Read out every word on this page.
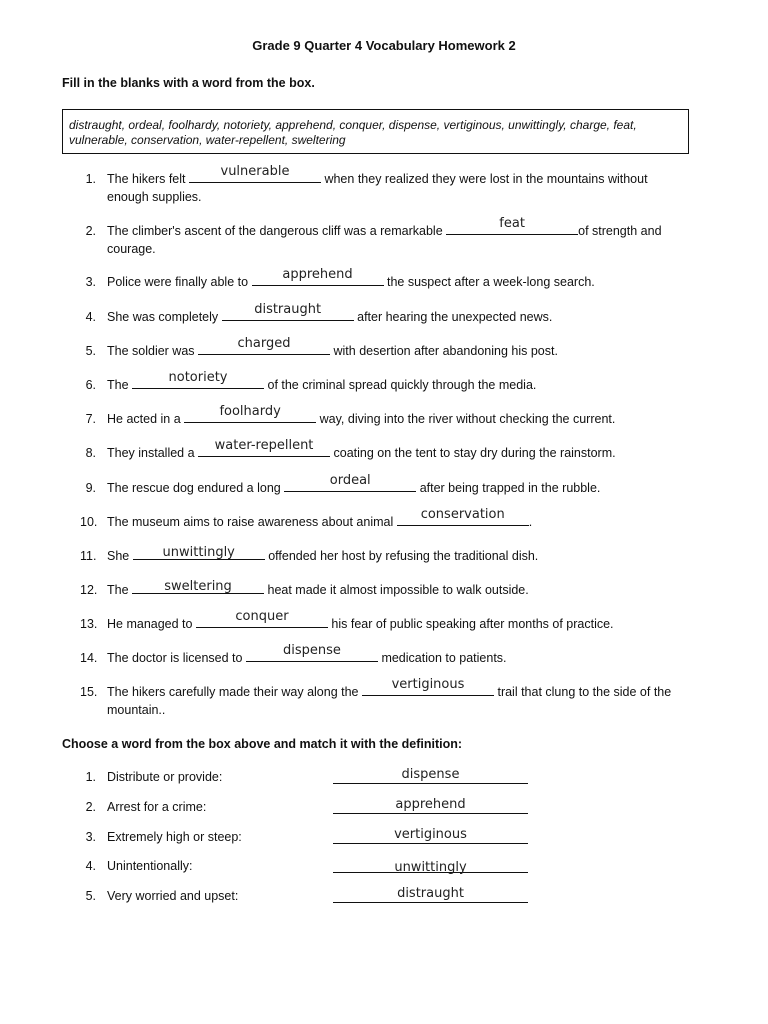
Grade 9 Quarter 4 Vocabulary Homework 2
Fill in the blanks with a word from the box.
distraught, ordeal, foolhardy, notoriety, apprehend, conquer, dispense, vertiginous, unwittingly, charge, feat, vulnerable, conservation, water-repellent, sweltering
1. The hikers felt	vulnerable	when they realized they were lost in the mountains without
enough supplies.
2. The climber's ascent of the dangerous cliff was a remarkable	feat	of strength and
courage.
3. Police were finally able to	apprehend	the suspect after a week-long search.
4. She was completely	distraught	after hearing the unexpected news.
5. The soldier was	charged	with desertion after abandoning his post.
6. The	notoriety	of the criminal spread quickly through the media.
7. He acted in a	foolhardy	way, diving into the river without checking the current.
8. They installed a	water-repellent	coating on the tent to stay dry during the rainstorm.
9. The rescue dog endured a long	ordeal	after being trapped in the rubble.
10. The museum aims to raise awareness about animal	conservation	.
11. She	unwittingly	offended her host by refusing the traditional dish.
12. The	sweltering	heat made it almost impossible to walk outside.
13. He managed to	conquer	his fear of public speaking after months of practice.
14. The doctor is licensed to	dispense	medication to patients.
15. The hikers carefully made their way along the	vertiginous	trail that clung to the side of the
mountain..
Choose a word from the box above and match it with the definition:
1. Distribute or provide:	dispense
2. Arrest for a crime:	apprehend
3. Extremely high or steep:	vertiginous
4. Unintentionally:	unwittingly
5. Very worried and upset:	distraught
